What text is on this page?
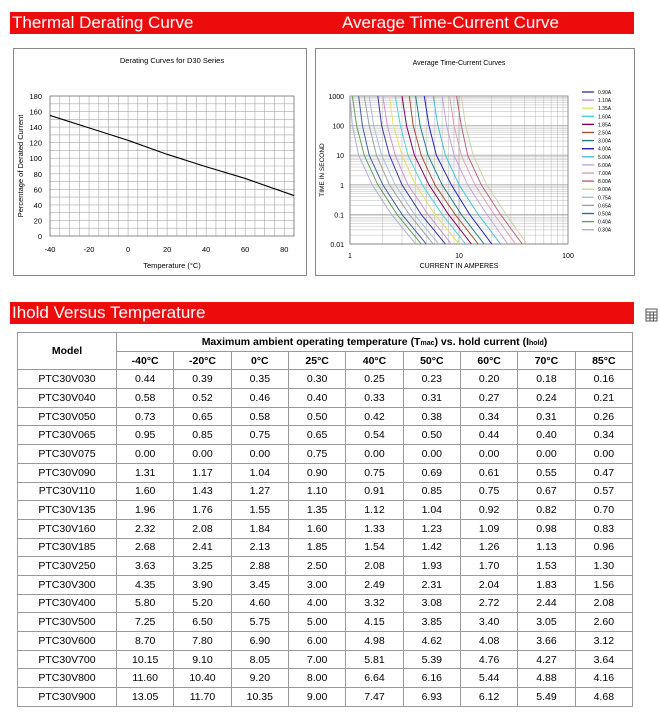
Thermal Derating Curve	Average Time-Current Curve
Derating Curves for D30 Series
0
20
40
60
80
100
120
140
160
180
-40	-20	0	20	40	60	80
Temperature (°C)
Percentage of Derated Current
Average Time-Current Curves
0.01
0.1
1
10
100
1000
1	10	100
CURRENT IN AMPERES
TIME IN SECOND
0.90A
1.10A
1.35A
1.60A
1.85A
2.50A
3.00A
4.00A
5.00A
6.00A
7.00A
8.00A
9.00A
0.75A
0.65A
0.50A
0.40A
0.30A
Ihold Versus Temperature
Model	Maximum ambient operating temperature (Tmac) vs. hold current (Ihold)								
	-40°C	-20°C	0°C	25°C	40°C	50°C	60°C	70°C	85°C
PTC30V030	0.44	0.39	0.35	0.30	0.25	0.23	0.20	0.18	0.16
PTC30V040	0.58	0.52	0.46	0.40	0.33	0.31	0.27	0.24	0.21
PTC30V050	0.73	0.65	0.58	0.50	0.42	0.38	0.34	0.31	0.26
PTC30V065	0.95	0.85	0.75	0.65	0.54	0.50	0.44	0.40	0.34
PTC30V075	0.00	0.00	0.00	0.75	0.00	0.00	0.00	0.00	0.00
PTC30V090	1.31	1.17	1.04	0.90	0.75	0.69	0.61	0.55	0.47
PTC30V110	1.60	1.43	1.27	1.10	0.91	0.85	0.75	0.67	0.57
PTC30V135	1.96	1.76	1.55	1.35	1.12	1.04	0.92	0.82	0.70
PTC30V160	2.32	2.08	1.84	1.60	1.33	1.23	1.09	0.98	0.83
PTC30V185	2.68	2.41	2.13	1.85	1.54	1.42	1.26	1.13	0.96
PTC30V250	3.63	3.25	2.88	2.50	2.08	1.93	1.70	1.53	1.30
PTC30V300	4.35	3.90	3.45	3.00	2.49	2.31	2.04	1.83	1.56
PTC30V400	5.80	5.20	4.60	4.00	3.32	3.08	2.72	2.44	2.08
PTC30V500	7.25	6.50	5.75	5.00	4.15	3.85	3.40	3.05	2.60
PTC30V600	8.70	7.80	6.90	6.00	4.98	4.62	4.08	3.66	3.12
PTC30V700	10.15	9.10	8.05	7.00	5.81	5.39	4.76	4.27	3.64
PTC30V800	11.60	10.40	9.20	8.00	6.64	6.16	5.44	4.88	4.16
PTC30V900	13.05	11.70	10.35	9.00	7.47	6.93	6.12	5.49	4.68
